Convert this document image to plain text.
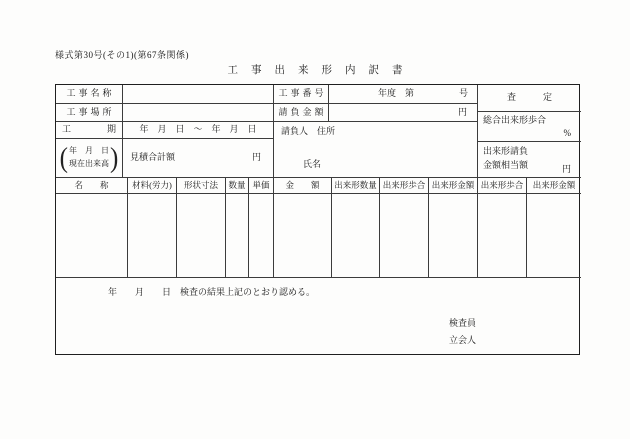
様式第30号(その1)(第67条関係)
工事出来形内訳書
工事名称	工事番号	年度　第　　　　　号	査　　　定
工事場所	請負金額	円
総合出来形歩合
%
工　　　　期	年　月　日　～　年　月　日	請負人　住所
氏名
( 年　月　日
現在出来高 ) 見積合計額	円
出来形請負
金額相当額	円
名　　称	材料(労力)	形状寸法	数量 単価	金　　額	出来形数量 出来形歩合 出来形金額 出来形歩合	出来形金額
年　　月　　日　検査の結果上記のとおり認める。
検査員
立会人
